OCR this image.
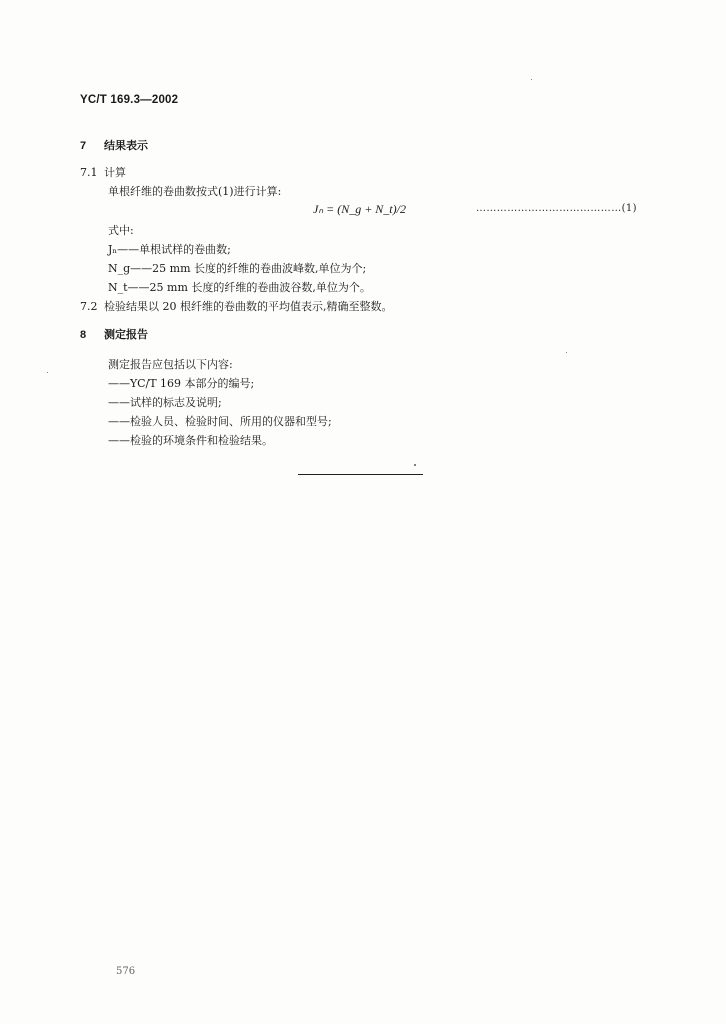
YC/T 169.3—2002
7 结果表示
7.1 计算
单根纤维的卷曲数按式(1)进行计算:
Jₙ = (N_g + N_t)/2	……………………………………(1)
式中:
Jₙ——单根试样的卷曲数;
N_g——25 mm 长度的纤维的卷曲波峰数,单位为个;
N_t——25 mm 长度的纤维的卷曲波谷数,单位为个。
7.2 检验结果以 20 根纤维的卷曲数的平均值表示,精确至整数。
8 测定报告
测定报告应包括以下内容:
——YC/T 169 本部分的编号;
——试样的标志及说明;
——检验人员、检验时间、所用的仪器和型号;
——检验的环境条件和检验结果。
576
